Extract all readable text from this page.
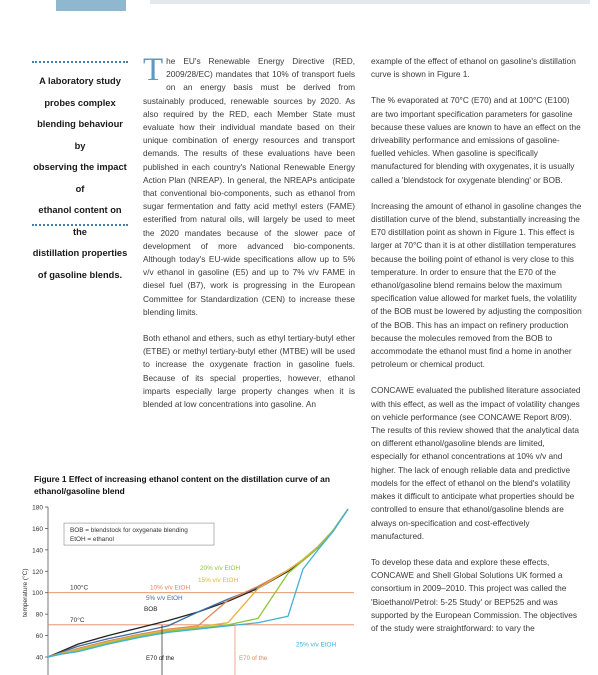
A laboratory study
probes complex
blending behaviour by
observing the impact of
ethanol content on the
distillation properties
of gasoline blends.

The EU's Renewable Energy Directive (RED, 2009/28/EC) mandates that 10% of transport fuels on an energy basis must be derived from sustainably produced, renewable sources by 2020. As also required by the RED, each Member State must evaluate how their individual mandate based on their unique combination of energy resources and transport demands. The results of these evaluations have been published in each country's National Renewable Energy Action Plan (NREAP). In general, the NREAPs anticipate that conventional bio-components, such as ethanol from sugar fermentation and fatty acid methyl esters (FAME) esterified from natural oils, will largely be used to meet the 2020 mandates because of the slower pace of development of more advanced bio-components. Although today's EU-wide specifications allow up to 5% v/v ethanol in gasoline (E5) and up to 7% v/v FAME in diesel fuel (B7), work is progressing in the European Committee for Standardization (CEN) to increase these blending limits.

Both ethanol and ethers, such as ethyl tertiary-butyl ether (ETBE) or methyl tertiary-butyl ether (MTBE) will be used to increase the oxygenate fraction in gasoline fuels. Because of its special properties, however, ethanol imparts especially large property changes when it is blended at low concentrations into gasoline. An

example of the effect of ethanol on gasoline's distillation curve is shown in Figure 1.

The % evaporated at 70°C (E70) and at 100°C (E100) are two important specification parameters for gasoline because these values are known to have an effect on the driveability performance and emissions of gasoline-fuelled vehicles. When gasoline is specifically manufactured for blending with oxygenates, it is usually called a 'blendstock for oxygenate blending' or BOB.

Increasing the amount of ethanol in gasoline changes the distillation curve of the blend, substantially increasing the E70 distillation point as shown in Figure 1. This effect is larger at 70°C than it is at other distillation temperatures because the boiling point of ethanol is very close to this temperature. In order to ensure that the E70 of the ethanol/gasoline blend remains below the maximum specification value allowed for market fuels, the volatility of the BOB must be lowered by adjusting the composition of the BOB. This has an impact on refinery production because the molecules removed from the BOB to accommodate the ethanol must find a home in another petroleum or chemical product.

CONCAWE evaluated the published literature associated with this effect, as well as the impact of volatility changes on vehicle performance (see CONCAWE Report 8/09). The results of this review showed that the analytical data on different ethanol/gasoline blends are limited, especially for ethanol concentrations at 10% v/v and higher. The lack of enough reliable data and predictive models for the effect of ethanol on the blend's volatility makes it difficult to anticipate what properties should be controlled to ensure that ethanol/gasoline blends are always on-specification and cost-effectively manufactured.

To develop these data and explore these effects, CONCAWE and Shell Global Solutions UK formed a consortium in 2009–2010. This project was called the 'Bioethanol/Petrol: 5-25 Study' or BEP525 and was supported by the European Commission. The objectives of the study were straightforward: to vary the

Figure 1 Effect of increasing ethanol content on the distillation curve of an ethanol/gasoline blend
40
60
80
100
120
140
160
180
temperature (°C)	100°C
70°C
BOB = blendstock for oxygenate blending
EtOH = ethanol
BOB
5% v/v EtOH
10% v/v EtOH
15% v/v EtOH
20% v/v EtOH
25% v/v EtOH
E70 of the	E70 of the
